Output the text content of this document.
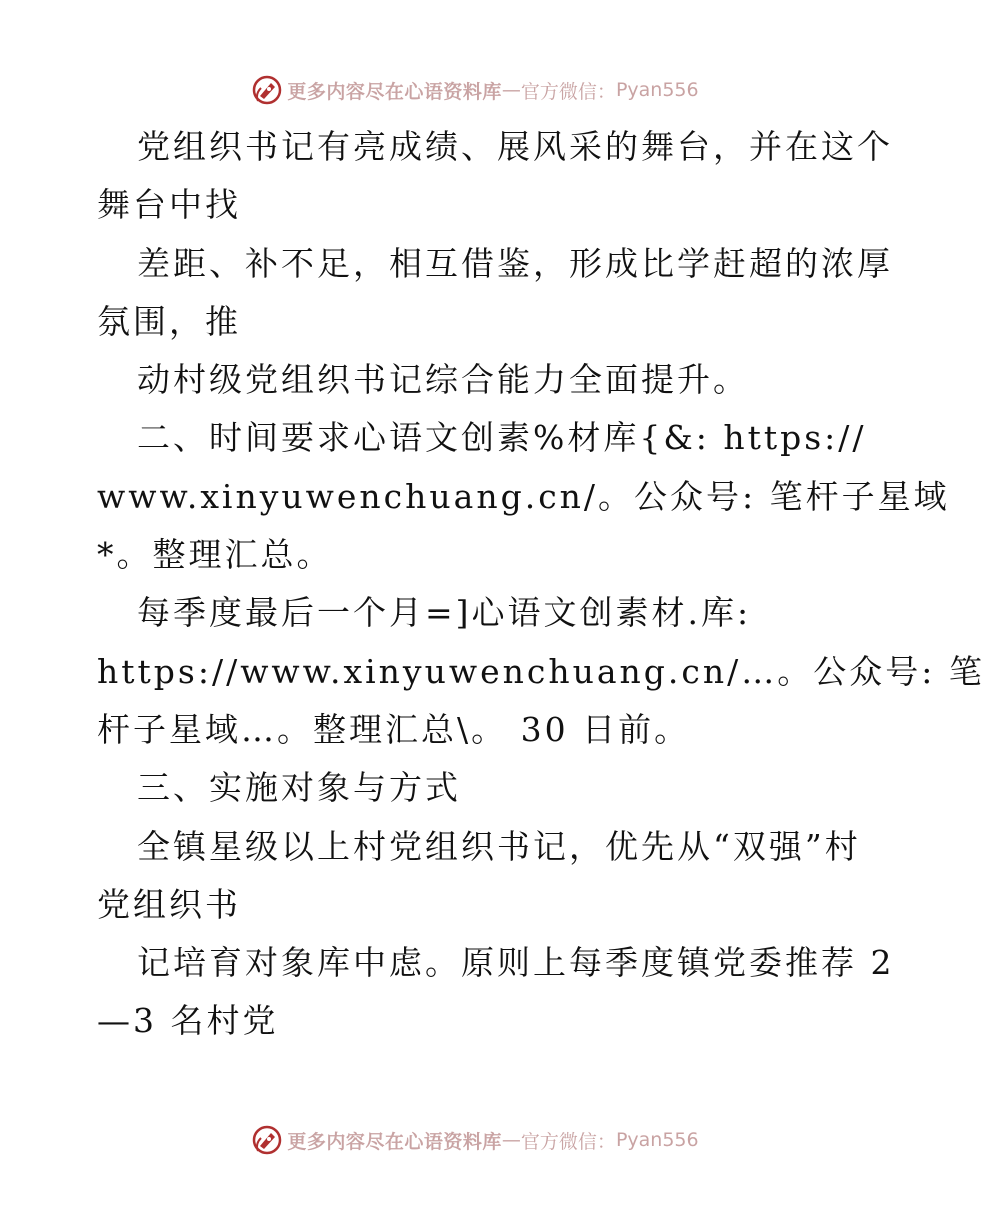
更多内容尽在心语资料库 — 官方微信： Pyan556
党组织书记有亮成绩、展风采的舞台，并在这个
舞台中找
差距、补不足，相互借鉴，形成比学赶超的浓厚
氛围，推
动村级党组织书记综合能力全面提升。
二、时间要求心语文创素%材库{&: https://
www.xinyuwenchuang.cn/。公众号: 笔杆子星域
*。整理汇总。
每季度最后一个月=]心语文创素材.库:
https://www.xinyuwenchuang.cn/…。公众号: 笔
杆子星域…。整理汇总\。 30 日前。
三、实施对象与方式
全镇星级以上村党组织书记，优先从“双强”村
党组织书
记培育对象库中虑。原则上每季度镇党委推荐 2
—3 名村党
更多内容尽在心语资料库 — 官方微信： Pyan556
